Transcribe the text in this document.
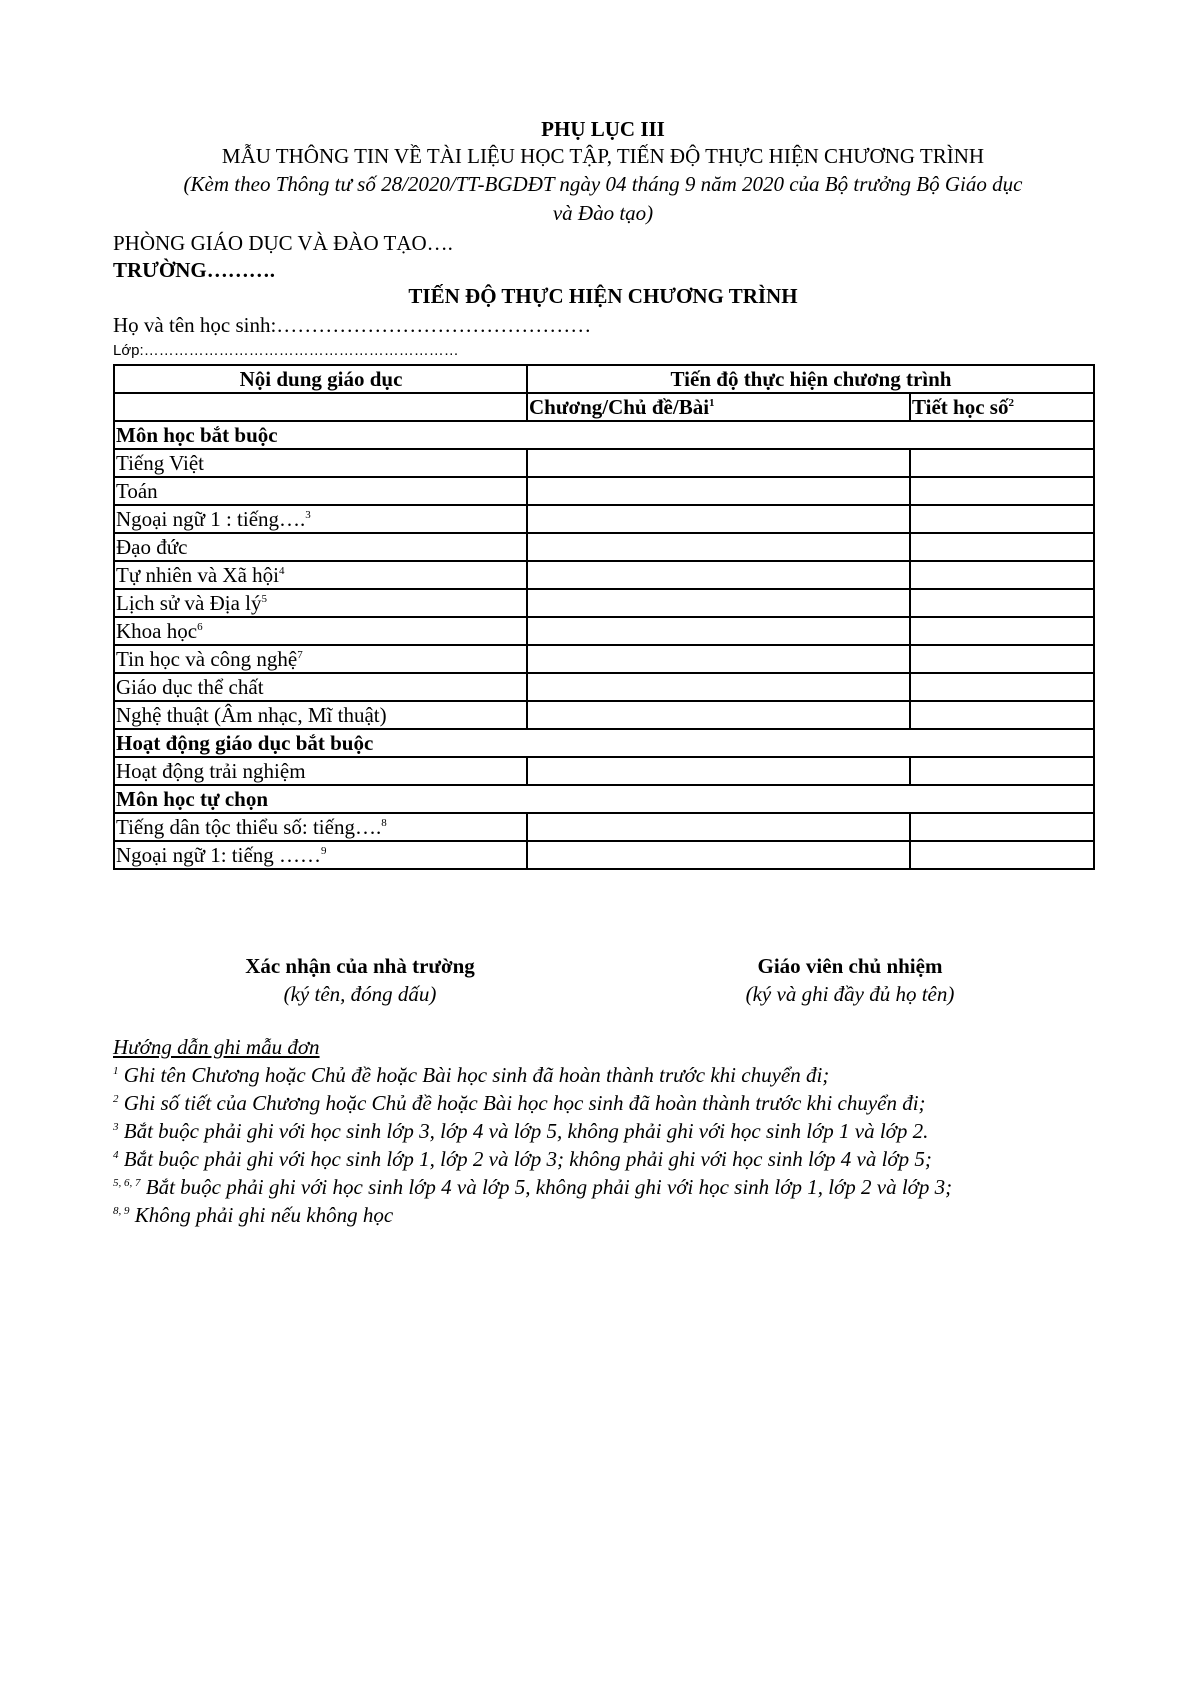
PHỤ LỤC III
MẪU THÔNG TIN VỀ TÀI LIỆU HỌC TẬP, TIẾN ĐỘ THỰC HIỆN CHƯƠNG TRÌNH
(Kèm theo Thông tư số 28/2020/TT-BGDĐT ngày 04 tháng 9 năm 2020 của Bộ trưởng Bộ Giáo dục
và Đào tạo)
PHÒNG GIÁO DỤC VÀ ĐÀO TẠO….
TRƯỜNG……….
TIẾN ĐỘ THỰC HIỆN CHƯƠNG TRÌNH
Họ và tên học sinh:………………………………………
Lớp:………………………………………………………
Nội dung giáo dục	Tiến độ thực hiện chương trình	
	Chương/Chủ đề/Bài$^1$	Tiết học số$^2$
Môn học bắt buộc		
Tiếng Việt		
Toán		
Ngoại ngữ 1 : tiếng….$^3$		
Đạo đức		
Tự nhiên và Xã hội$^4$		
Lịch sử và Địa $lý^5$		
Khoa học$^6$		
Tin học và công nghệ$^7$		
Giáo dục thể chất		
Nghệ thuật (Âm nhạc, Mĩ thuật)		
Hoạt động giáo dục bắt buộc		
Hoạt động trải nghiệm		
Môn học tự chọn		
Tiếng dân tộc thiểu số: tiếng….$^8$		
Ngoại ngữ 1: tiếng ……$^9$		
Xác nhận của nhà trường
(ký tên, đóng dấu)
Giáo viên chủ nhiệm
(ký và ghi đầy đủ họ tên)
Hướng dẫn ghi mẫu đơn
$^1$ Ghi tên Chương hoặc Chủ đề hoặc Bài học sinh đã hoàn thành trước khi chuyển đi;
$^2$ Ghi số tiết của Chương hoặc Chủ đề hoặc Bài học học sinh đã hoàn thành trước khi chuyển đi;
$^3$ Bắt buộc phải ghi với học sinh lớp 3, lớp 4 và lớp 5, không phải ghi với học sinh lớp 1 và lớp 2.
$^4$ Bắt buộc phải ghi với học sinh lớp 1, lớp 2 và lớp 3; không phải ghi với học sinh lớp 4 và lớp 5;
$^{5, 6, 7}$ Bắt buộc phải ghi với học sinh lớp 4 và lớp 5, không phải ghi với học sinh lớp 1, lớp 2 và lớp 3;
$^{8, 9}$ Không phải ghi nếu không học
